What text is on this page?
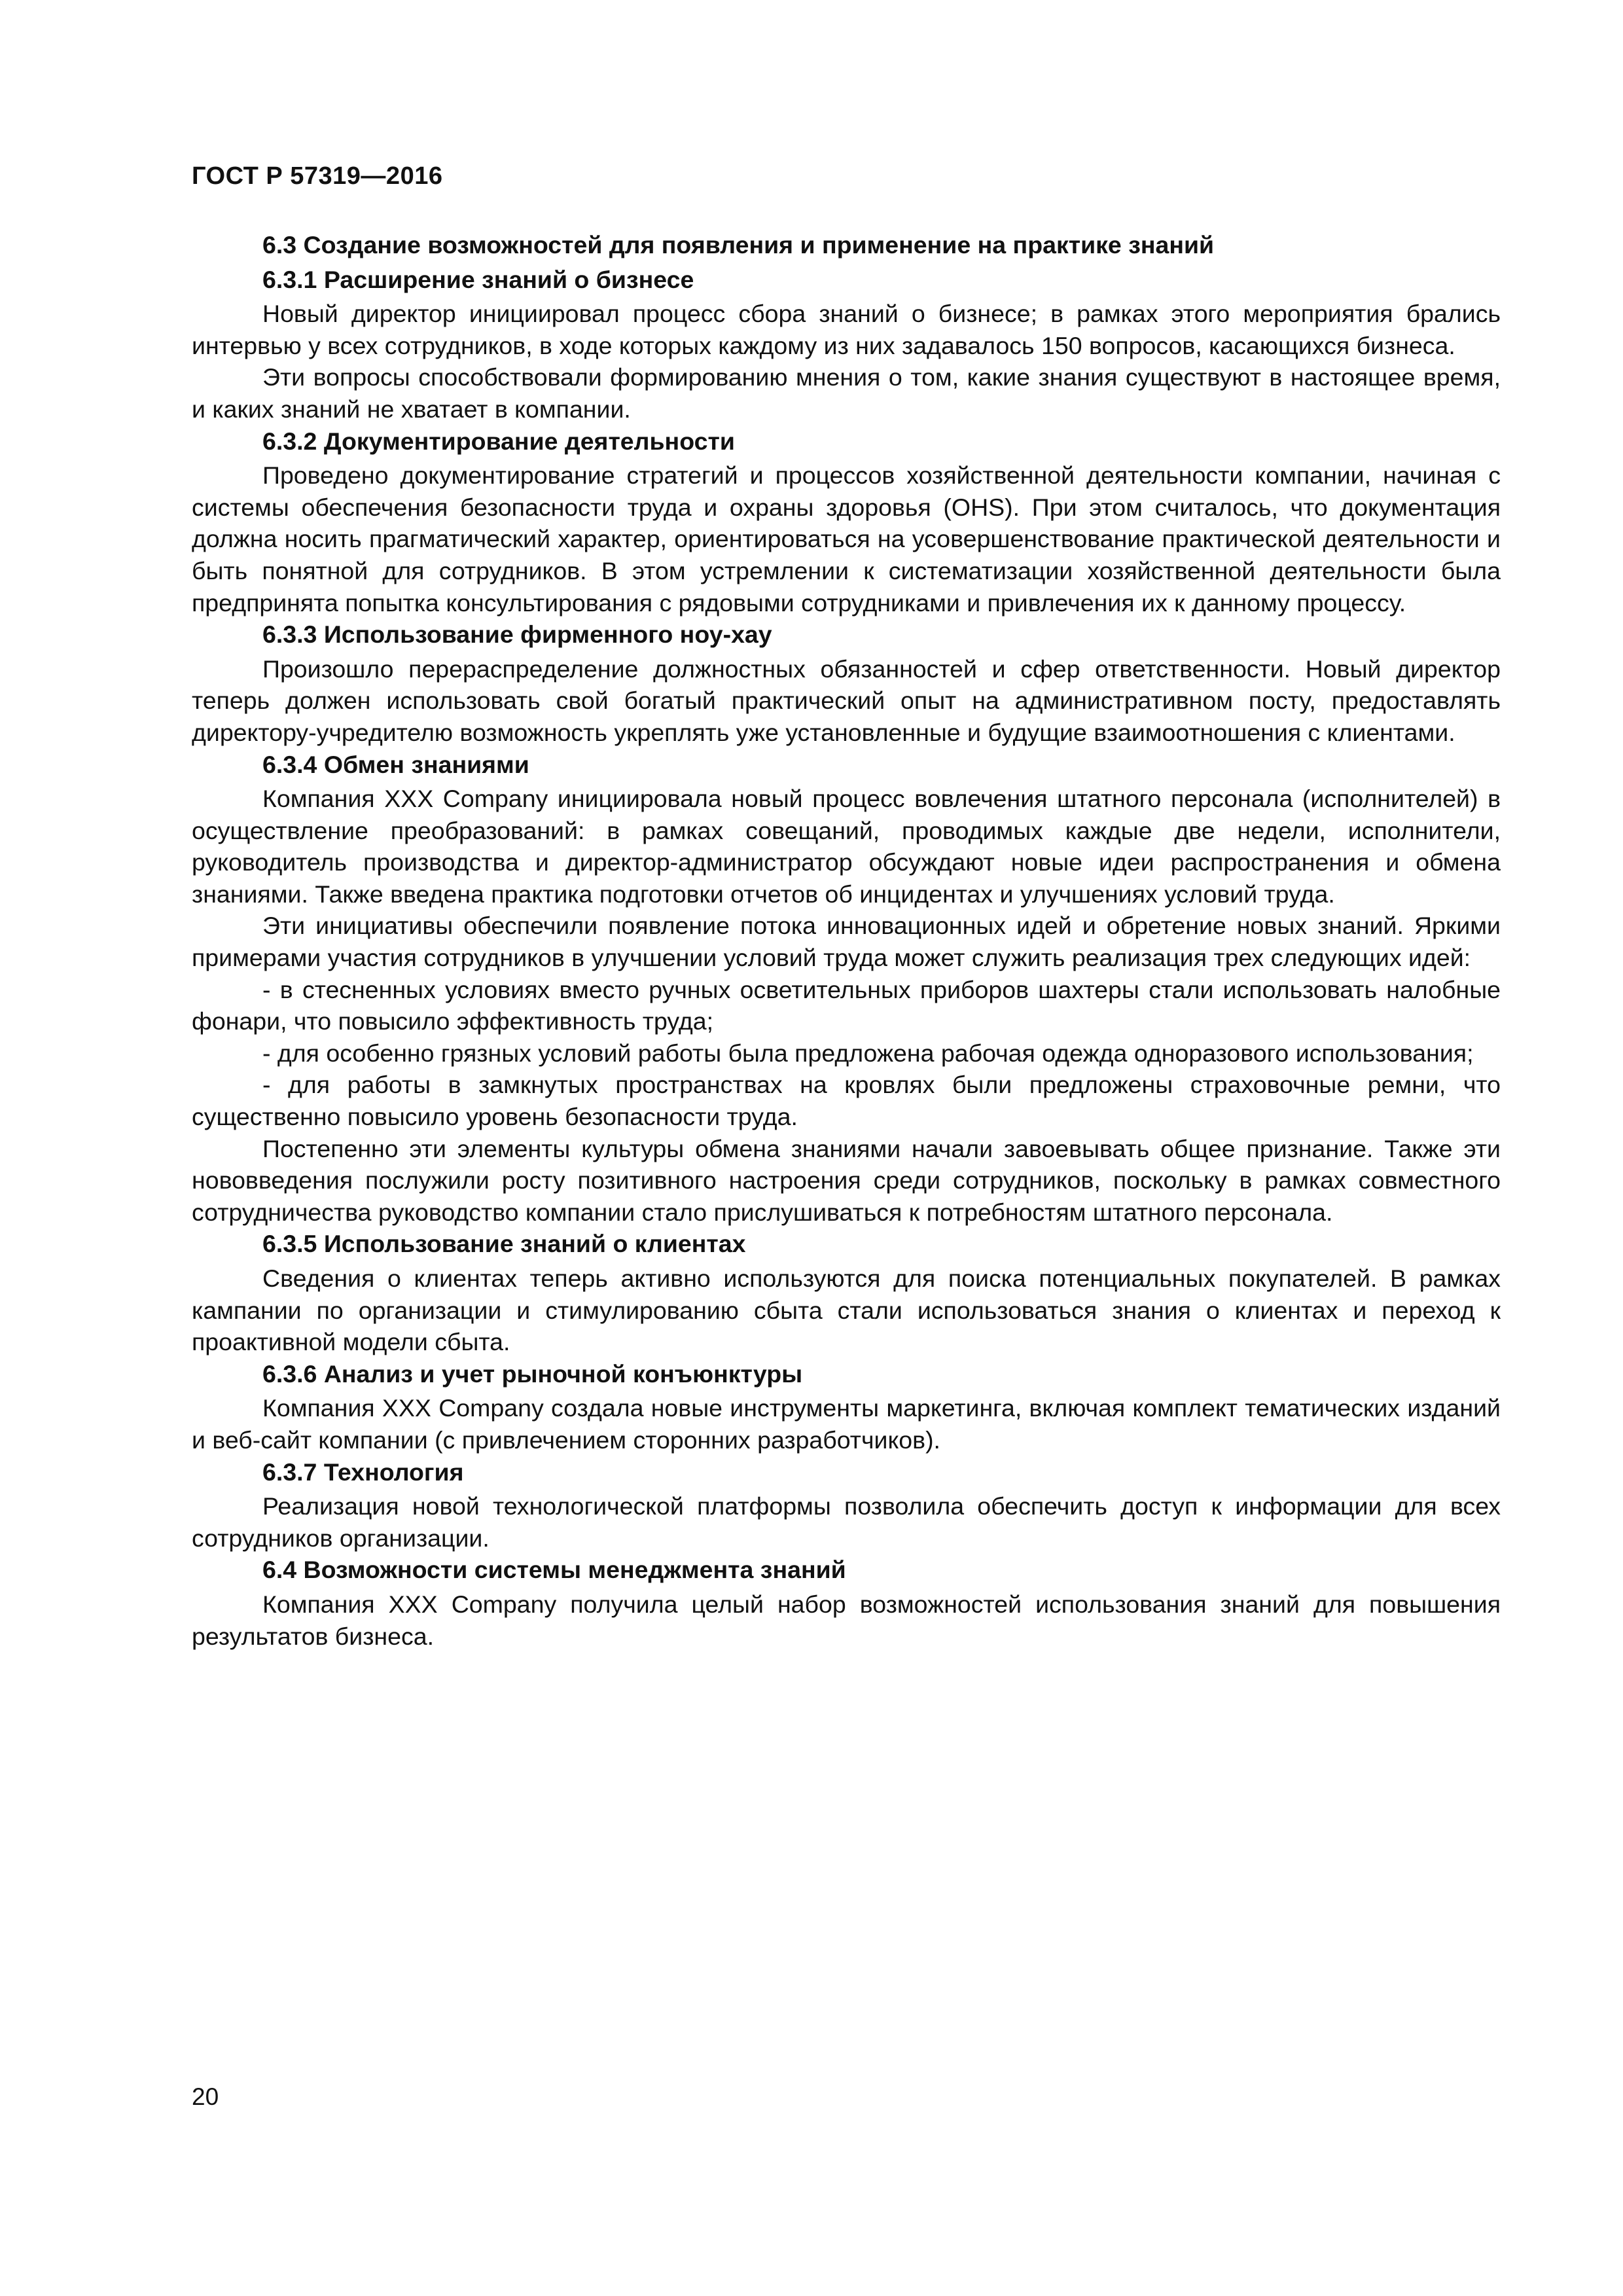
ГОСТ Р 57319—2016
6.3 Создание возможностей для появления и применение на практике знаний
6.3.1 Расширение знаний о бизнесе

Новый директор инициировал процесс сбора знаний о бизнесе; в рамках этого мероприятия брались интервью у всех сотрудников, в ходе которых каждому из них задавалось 150 вопросов, касающихся бизнеса.

Эти вопросы способствовали формированию мнения о том, какие знания существуют в настоящее время, и каких знаний не хватает в компании.

6.3.2 Документирование деятельности

Проведено документирование стратегий и процессов хозяйственной деятельности компании, начиная с системы обеспечения безопасности труда и охраны здоровья (OHS). При этом считалось, что документация должна носить прагматический характер, ориентироваться на усовершенствование практической деятельности и быть понятной для сотрудников. В этом устремлении к систематизации хозяйственной деятельности была предпринята попытка консультирования с рядовыми сотрудниками и привлечения их к данному процессу.

6.3.3 Использование фирменного ноу-хау

Произошло перераспределение должностных обязанностей и сфер ответственности. Новый директор теперь должен использовать свой богатый практический опыт на административном посту, предоставлять директору-учредителю возможность укреплять уже установленные и будущие взаимоотношения с клиентами.

6.3.4 Обмен знаниями

Компания XXX Company инициировала новый процесс вовлечения штатного персонала (исполнителей) в осуществление преобразований: в рамках совещаний, проводимых каждые две недели, исполнители, руководитель производства и директор-администратор обсуждают новые идеи распространения и обмена знаниями. Также введена практика подготовки отчетов об инцидентах и улучшениях условий труда.

Эти инициативы обеспечили появление потока инновационных идей и обретение новых знаний. Яркими примерами участия сотрудников в улучшении условий труда может служить реализация трех следующих идей:

- в стесненных условиях вместо ручных осветительных приборов шахтеры стали использовать налобные фонари, что повысило эффективность труда;

- для особенно грязных условий работы была предложена рабочая одежда одноразового использования;

- для работы в замкнутых пространствах на кровлях были предложены страховочные ремни, что существенно повысило уровень безопасности труда.

Постепенно эти элементы культуры обмена знаниями начали завоевывать общее признание. Также эти нововведения послужили росту позитивного настроения среди сотрудников, поскольку в рамках совместного сотрудничества руководство компании стало прислушиваться к потребностям штатного персонала.

6.3.5 Использование знаний о клиентах

Сведения о клиентах теперь активно используются для поиска потенциальных покупателей. В рамках кампании по организации и стимулированию сбыта стали использоваться знания о клиентах и переход к проактивной модели сбыта.

6.3.6 Анализ и учет рыночной конъюнктуры

Компания XXX Company создала новые инструменты маркетинга, включая комплект тематических изданий и веб-сайт компании (с привлечением сторонних разработчиков).

6.3.7 Технология

Реализация новой технологической платформы позволила обеспечить доступ к информации для всех сотрудников организации.

6.4 Возможности системы менеджмента знаний

Компания XXX Company получила целый набор возможностей использования знаний для повышения результатов бизнеса.

20
